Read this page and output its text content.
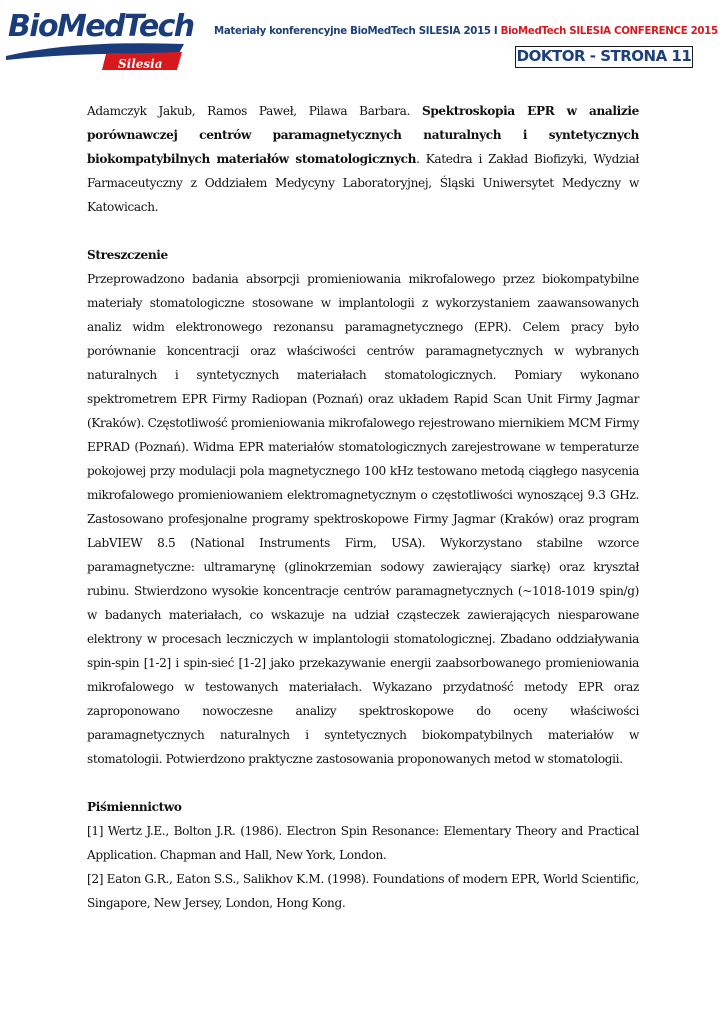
BioMedTech
Silesia
Materiały konferencyjne BioMedTech SILESIA 2015 I BioMedTech SILESIA CONFERENCE 2015
DOKTOR - STRONA 11

Adamczyk Jakub, Ramos Paweł, Pilawa Barbara. Spektroskopia EPR w analizie porównawczej centrów paramagnetycznych naturalnych i syntetycznych biokompatybilnych materiałów stomatologicznych. Katedra i Zakład Biofizyki, Wydział Farmaceutyczny z Oddziałem Medycyny Laboratoryjnej, Śląski Uniwersytet Medyczny w Katowicach.

Streszczenie

Przeprowadzono badania absorpcji promieniowania mikrofalowego przez biokompatybilne materiały stomatologiczne stosowane w implantologii z wykorzystaniem zaawansowanych analiz widm elektronowego rezonansu paramagnetycznego (EPR). Celem pracy było porównanie koncentracji oraz właściwości centrów paramagnetycznych w wybranych naturalnych i syntetycznych materiałach stomatologicznych. Pomiary wykonano spektrometrem EPR Firmy Radiopan (Poznań) oraz układem Rapid Scan Unit Firmy Jagmar (Kraków). Częstotliwość promieniowania mikrofalowego rejestrowano miernikiem MCM Firmy EPRAD (Poznań). Widma EPR materiałów stomatologicznych zarejestrowane w temperaturze pokojowej przy modulacji pola magnetycznego 100 kHz testowano metodą ciągłego nasycenia mikrofalowego promieniowaniem elektromagnetycznym o częstotliwości wynoszącej 9.3 GHz. Zastosowano profesjonalne programy spektroskopowe Firmy Jagmar (Kraków) oraz program LabVIEW 8.5 (National Instruments Firm, USA). Wykorzystano stabilne wzorce paramagnetyczne: ultramarynę (glinokrzemian sodowy zawierający siarkę) oraz kryształ rubinu. Stwierdzono wysokie koncentracje centrów paramagnetycznych (~1018-1019 spin/g) w badanych materiałach, co wskazuje na udział cząsteczek zawierających niesparowane elektrony w procesach leczniczych w implantologii stomatologicznej. Zbadano oddziaływania spin-spin [1-2] i spin-sieć [1-2] jako przekazywanie energii zaabsorbowanego promieniowania mikrofalowego w testowanych materiałach. Wykazano przydatność metody EPR oraz zaproponowano nowoczesne analizy spektroskopowe do oceny właściwości paramagnetycznych naturalnych i syntetycznych biokompatybilnych materiałów w stomatologii. Potwierdzono praktyczne zastosowania proponowanych metod w stomatologii.

Piśmiennictwo

[1] Wertz J.E., Bolton J.R. (1986). Electron Spin Resonance: Elementary Theory and Practical Application. Chapman and Hall, New York, London.

[2] Eaton G.R., Eaton S.S., Salikhov K.M. (1998). Foundations of modern EPR, World Scientific, Singapore, New Jersey, London, Hong Kong.
